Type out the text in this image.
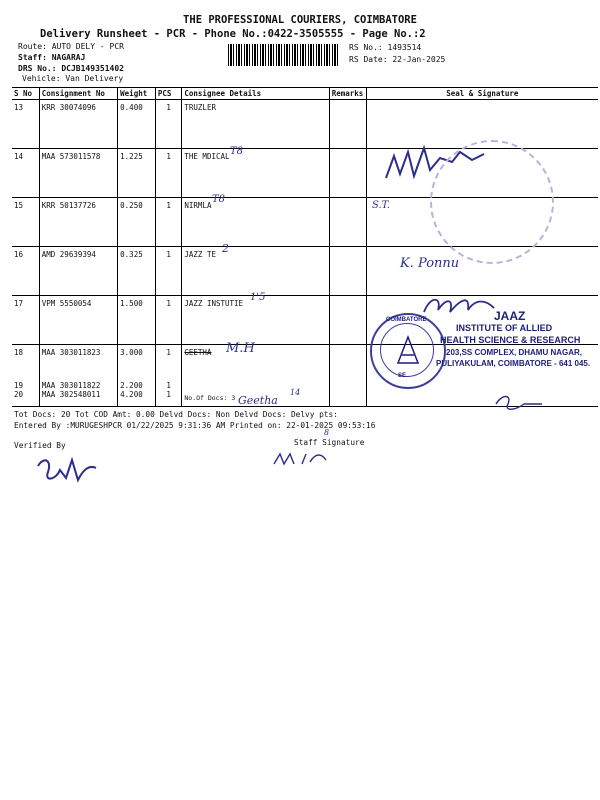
THE PROFESSIONAL COURIERS, COIMBATORE
Delivery Runsheet - PCR - Phone No.:0422-3505555 - Page No.:2
Route: AUTO DELY - PCR
Staff: NAGARAJ
DRS No.: DCJB149351402
Vehicle: Van Delivery
RS No.: 1493514
RS Date: 22-Jan-2025
S No	Consignment No	Weight	PCS	Consignee Details	Remarks	Seal & Signature
13	KRR 30074096	0.400	1	TRUZLER		
14	MAA 573011578	1.225	1	THE MDICAL		
15	KRR 50137726	0.250	1	NIRMLA		
16	AMD 29639394	0.325	1	JAZZ TE		
17	VPM 5550054	1.500	1	JAZZ INSTUTIE		
18	MAA 303011823	3.000	1	GEETHA		
19	MAA 303011822	2.200	1			
20	MAA 302548011	4.200	1	No.Of Docs: 3		
Tot Docs: 20 Tot COD Amt: 0.00 Delvd Docs: Non Delvd Docs: Delvy pts:
Entered By :MURUGESHPCR 01/22/2025 9:31:36 AM Printed on: 22-01-2025 09:53:16
Verified By	Staff Signature
T8
T8
2
1'5
M.H
Geetha
14
S.T.
K. Ponnu
8
COIMBATORE
SE
JAAZ
INSTITUTE OF ALLIED
HEALTH SCIENCE & RESEARCH
203,SS COMPLEX, DHAMU NAGAR,
PULIYAKULAM, COIMBATORE - 641 045.
